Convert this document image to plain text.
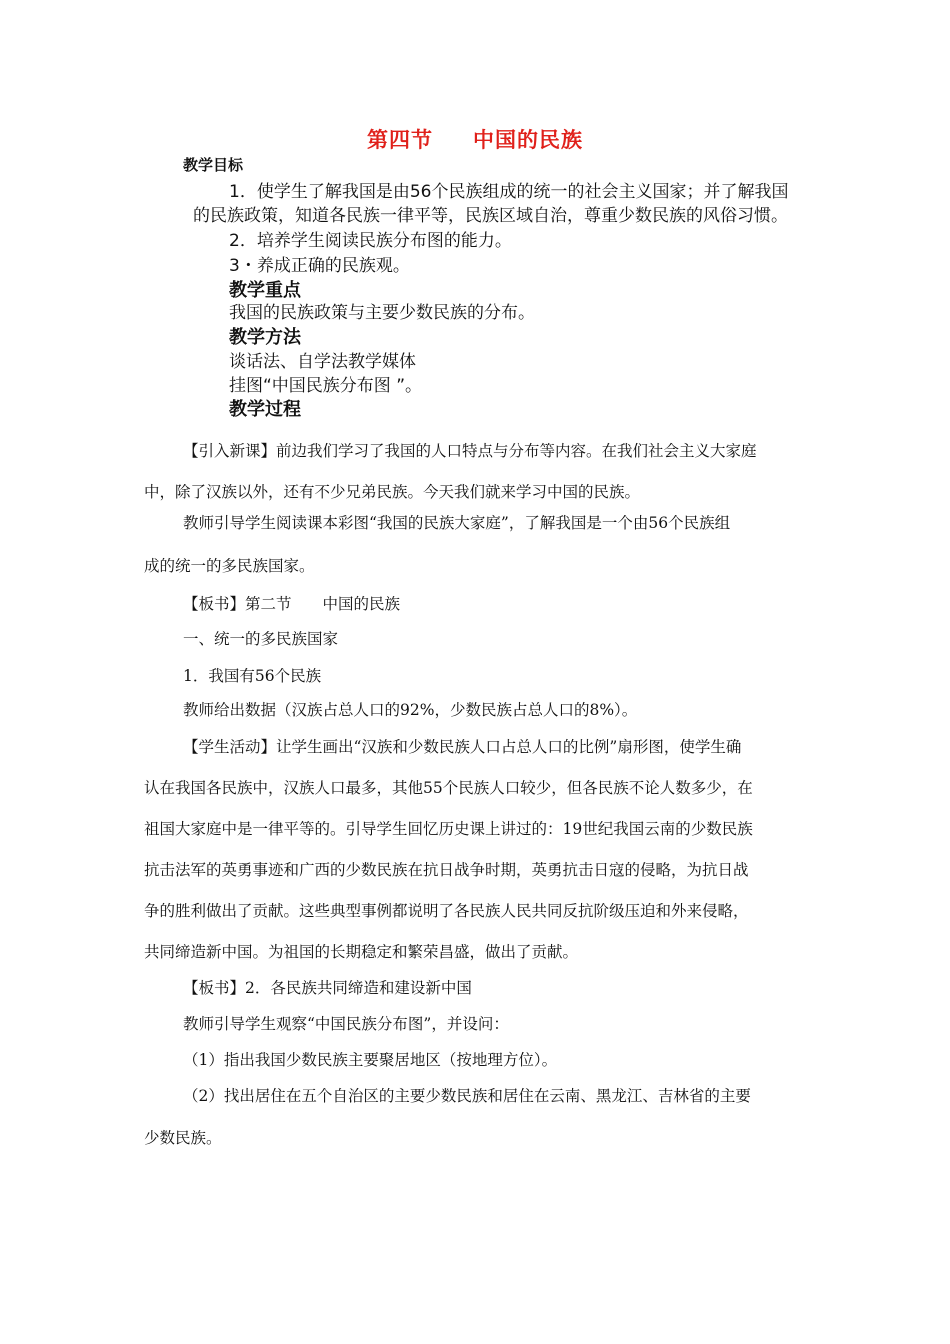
第四节 中国的民族
教学目标
1．使学生了解我国是由56个民族组成的统一的社会主义国家；并了解我国
的民族政策，知道各民族一律平等，民族区域自治，尊重少数民族的风俗习惯。
2．培养学生阅读民族分布图的能力。
3・养成正确的民族观。
教学重点
我国的民族政策与主要少数民族的分布。
教学方法
谈话法、自学法教学媒体
挂图“中国民族分布图 ”。
教学过程
【引入新课】前边我们学习了我国的人口特点与分布等内容。在我们社会主义大家庭
中，除了汉族以外，还有不少兄弟民族。今天我们就来学习中国的民族。
教师引导学生阅读课本彩图“我国的民族大家庭”，了解我国是一个由56个民族组
成的统一的多民族国家。
【板书】第二节　　中国的民族
一、统一的多民族国家
1．我国有56个民族
教师给出数据（汉族占总人口的92%，少数民族占总人口的8%）。
【学生活动】让学生画出“汉族和少数民族人口占总人口的比例”扇形图，使学生确
认在我国各民族中，汉族人口最多，其他55个民族人口较少，但各民族不论人数多少，在
祖国大家庭中是一律平等的。引导学生回忆历史课上讲过的：19世纪我国云南的少数民族
抗击法军的英勇事迹和广西的少数民族在抗日战争时期，英勇抗击日寇的侵略，为抗日战
争的胜利做出了贡献。这些典型事例都说明了各民族人民共同反抗阶级压迫和外来侵略，
共同缔造新中国。为祖国的长期稳定和繁荣昌盛，做出了贡献。
【板书】2．各民族共同缔造和建设新中国
教师引导学生观察“中国民族分布图”，并设问：
（1）指出我国少数民族主要聚居地区（按地理方位）。
（2）找出居住在五个自治区的主要少数民族和居住在云南、黑龙江、吉林省的主要
少数民族。
